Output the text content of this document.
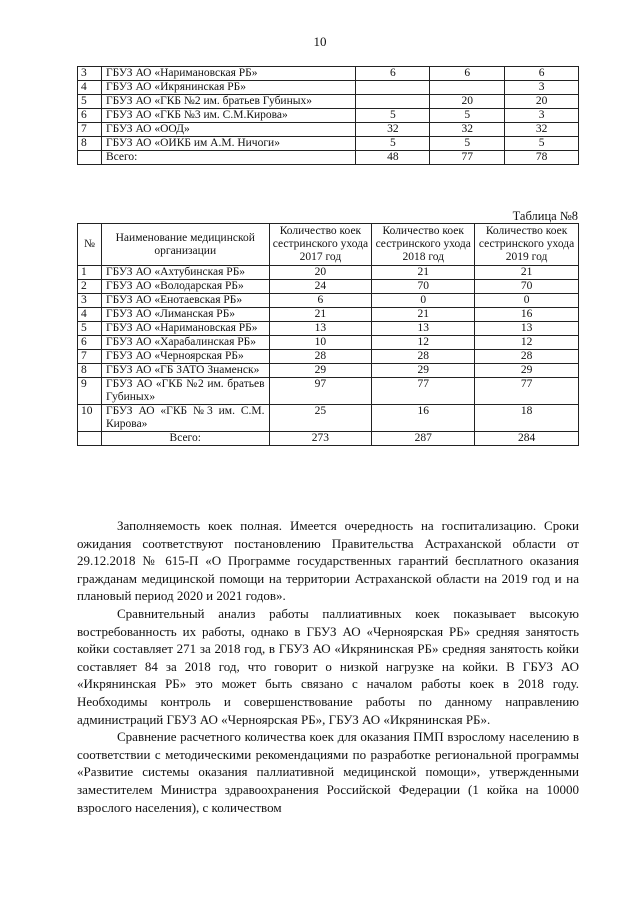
10
3	ГБУЗ АО «Наримановская РБ»	6	6	6
4	ГБУЗ АО «Икрянинская РБ»			3
5	ГБУЗ АО «ГКБ №2 им. братьев Губиных»		20	20
6	ГБУЗ АО «ГКБ №3 им. С.М.Кирова»	5	5	3
7	ГБУЗ АО «ООД»	32	32	32
8	ГБУЗ АО «ОИКБ им А.М. Ничоги»	5	5	5
	Всего:	48	77	78
Таблица №8
№	Наименование медицинской организации	Количество коек сестринского ухода 2017 год	Количество коек сестринского ухода 2018 год	Количество коек сестринского ухода 2019 год
1	ГБУЗ АО «Ахтубинская РБ»	20	21	21
2	ГБУЗ АО «Володарская РБ»	24	70	70
3	ГБУЗ АО «Енотаевская РБ»	6	0	0
4	ГБУЗ АО «Лиманская РБ»	21	21	16
5	ГБУЗ АО «Наримановская РБ»	13	13	13
6	ГБУЗ АО «Харабалинская РБ»	10	12	12
7	ГБУЗ АО «Черноярская РБ»	28	28	28
8	ГБУЗ АО «ГБ ЗАТО Знаменск»	29	29	29
9	ГБУЗ АО «ГКБ №2 им. братьев Губиных»	97	77	77
10	ГБУЗ АО «ГКБ №3 им. С.М. Кирова»	25	16	18
	Всего:	273	287	284

Заполняемость коек полная. Имеется очередность на госпитализацию. Сроки ожидания соответствуют постановлению Правительства Астраханской области от 29.12.2018 № 615-П «О Программе государственных гарантий бесплатного оказания гражданам медицинской помощи на территории Астраханской области на 2019 год и на плановый период 2020 и 2021 годов».

Сравнительный анализ работы паллиативных коек показывает высокую востребованность их работы, однако в ГБУЗ АО «Черноярская РБ» средняя занятость койки составляет 271 за 2018 год, в ГБУЗ АО «Икрянинская РБ» средняя занятость койки составляет 84 за 2018 год, что говорит о низкой нагрузке на койки. В ГБУЗ АО «Икрянинская РБ» это может быть связано с началом работы коек в 2018 году. Необходимы контроль и совершенствование работы по данному направлению администраций ГБУЗ АО «Черноярская РБ», ГБУЗ АО «Икрянинская РБ».

Сравнение расчетного количества коек для оказания ПМП взрослому населению в соответствии с методическими рекомендациями по разработке региональной программы «Развитие системы оказания паллиативной медицинской помощи», утвержденными заместителем Министра здравоохранения Российской Федерации (1 койка на 10000 взрослого населения), с количеством
